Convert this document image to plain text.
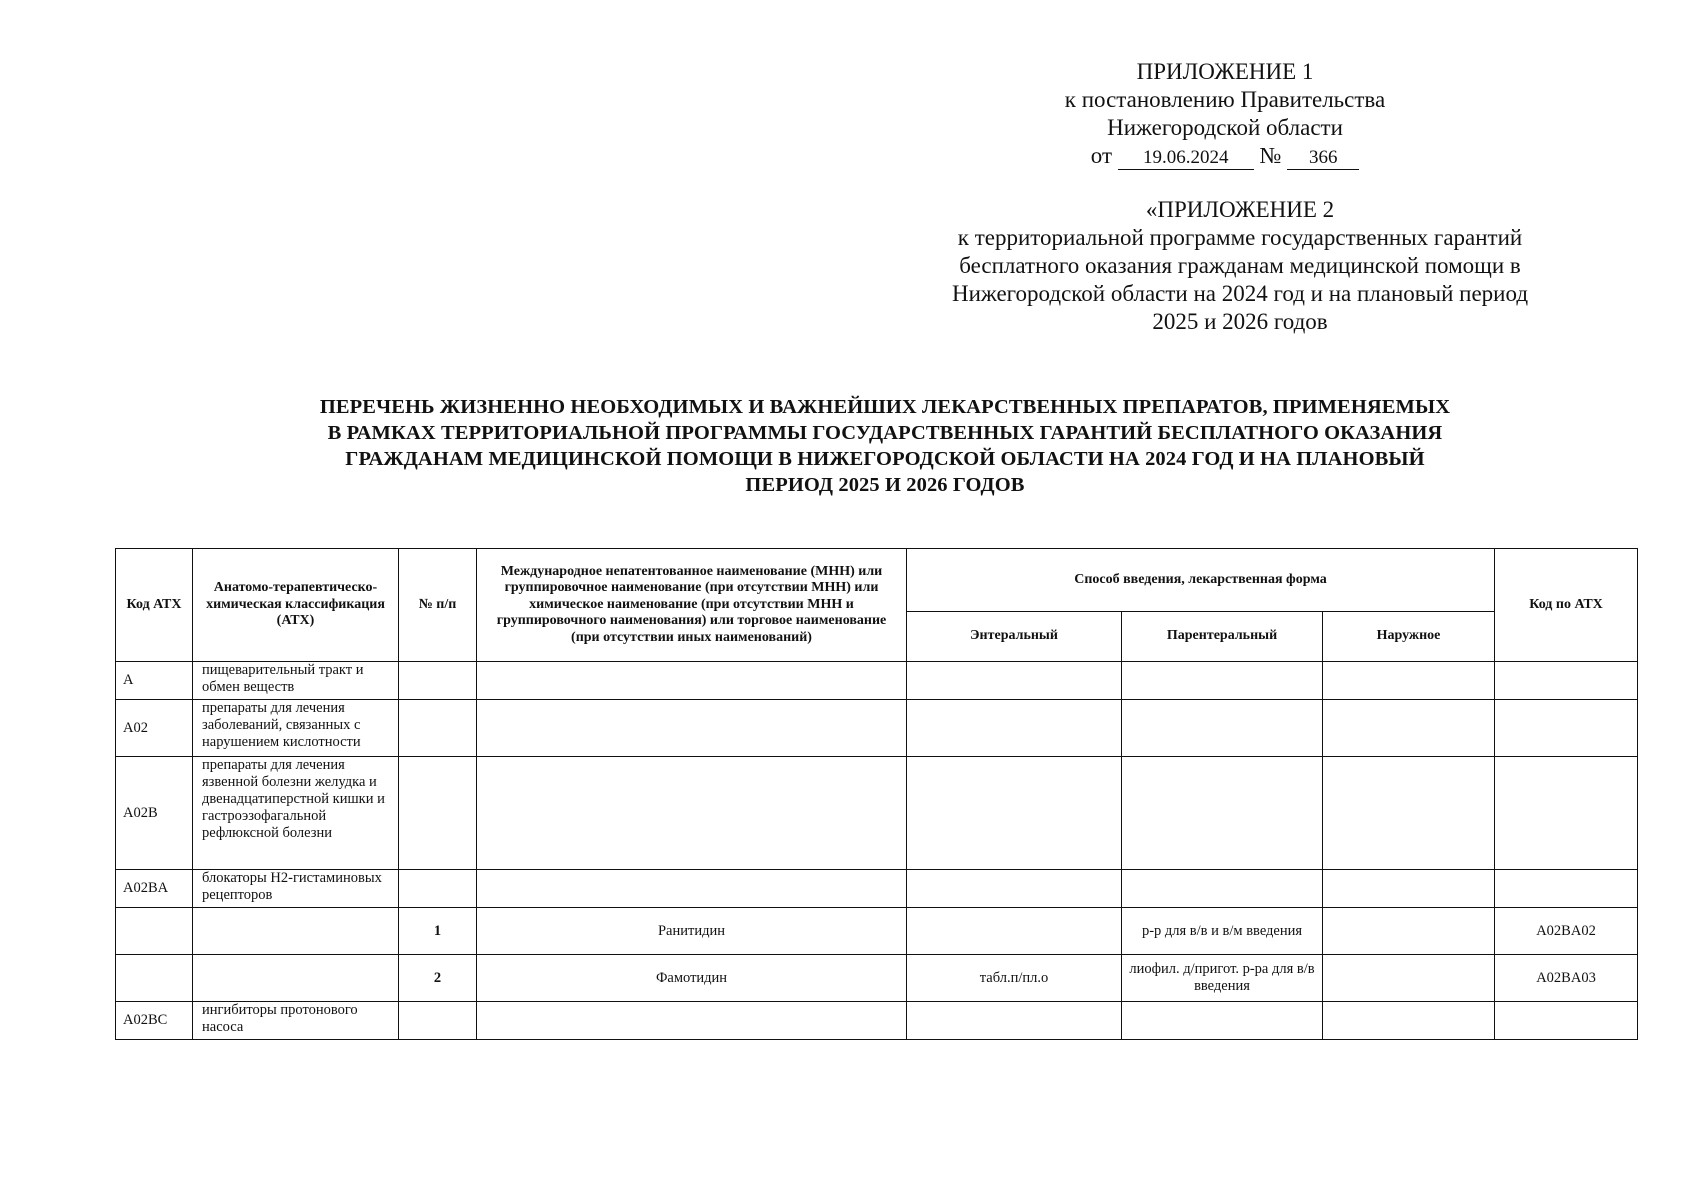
ПРИЛОЖЕНИЕ 1
к постановлению Правительства
Нижегородской области
от 19.06.2024 № 366
«ПРИЛОЖЕНИЕ 2
к территориальной программе государственных гарантий
бесплатного оказания гражданам медицинской помощи в
Нижегородской области на 2024 год и на плановый период
2025 и 2026 годов
ПЕРЕЧЕНЬ ЖИЗНЕННО НЕОБХОДИМЫХ И ВАЖНЕЙШИХ ЛЕКАРСТВЕННЫХ ПРЕПАРАТОВ, ПРИМЕНЯЕМЫХ
В РАМКАХ ТЕРРИТОРИАЛЬНОЙ ПРОГРАММЫ ГОСУДАРСТВЕННЫХ ГАРАНТИЙ БЕСПЛАТНОГО ОКАЗАНИЯ
ГРАЖДАНАМ МЕДИЦИНСКОЙ ПОМОЩИ В НИЖЕГОРОДСКОЙ ОБЛАСТИ НА 2024 ГОД И НА ПЛАНОВЫЙ
ПЕРИОД 2025 И 2026 ГОДОВ
Код АТХ	Анатомо-терапевтическо-химическая классификация (АТХ)	№ п/п	Международное непатентованное наименование (МНН) или группировочное наименование (при отсутствии МНН) или химическое наименование (при отсутствии МНН и группировочного наименования) или торговое наименование (при отсутствии иных наименований)	Способ введения, лекарственная форма			Код по АТХ
				Энтеральный	Парентеральный	Наружное	
A	пищеварительный тракт и обмен веществ						
A02	препараты для лечения заболеваний, связанных с нарушением кислотности						
A02B	препараты для лечения язвенной болезни желудка и двенадцатиперстной кишки и гастроэзофагальной рефлюксной болезни						
A02BA	блокаторы Н2-гистаминовых рецепторов						
		1	Ранитидин		р-р для в/в и в/м введения		A02BA02
		2	Фамотидин	табл.п/пл.о	лиофил. д/пригот. р-ра для в/в введения		A02BA03
A02BC	ингибиторы протонового насоса						
